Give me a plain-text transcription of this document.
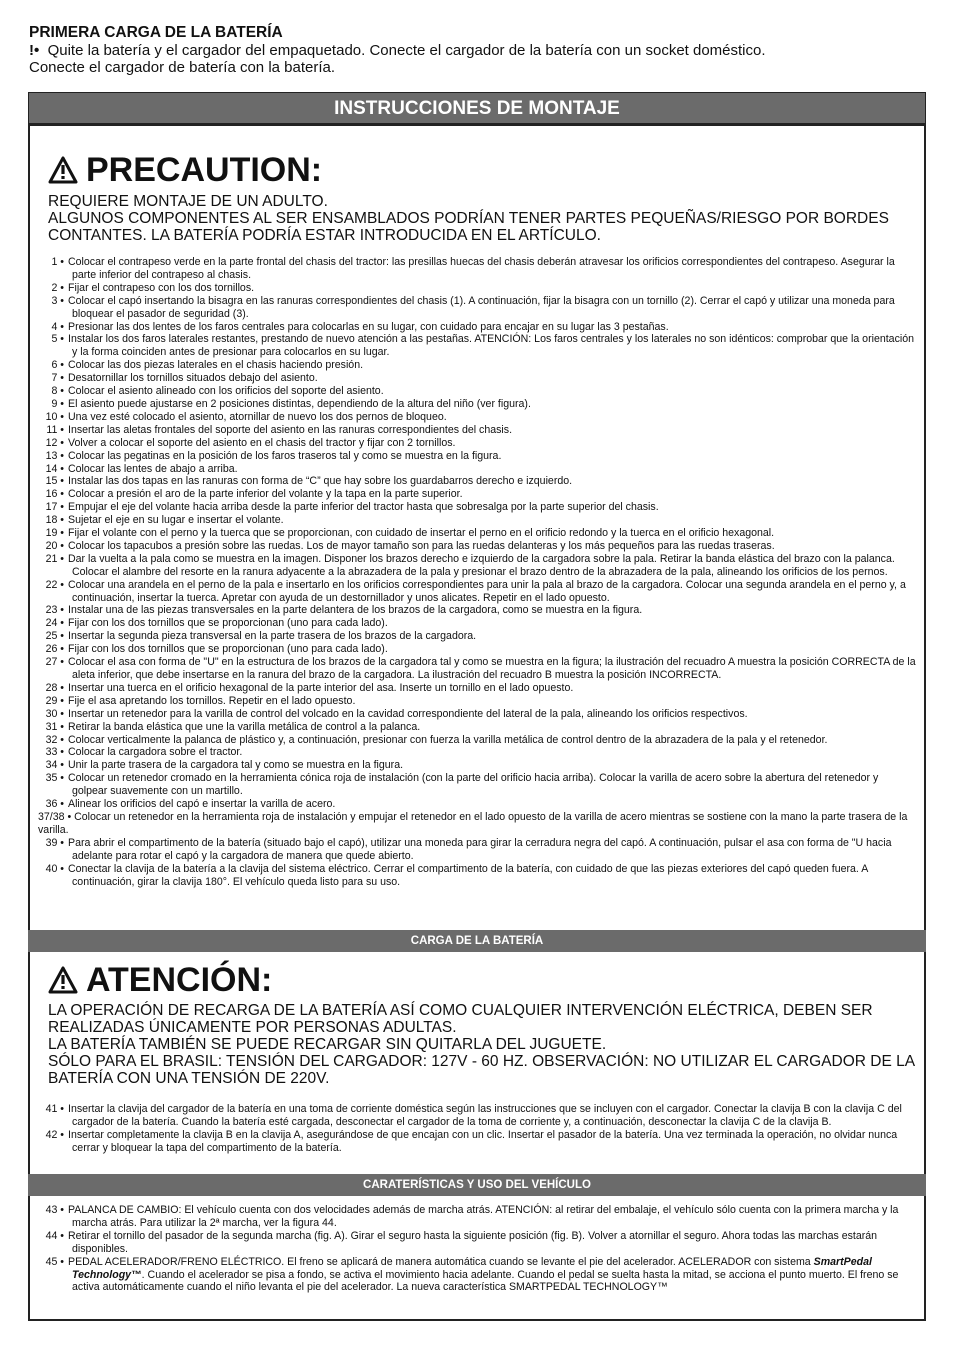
PRIMERA CARGA DE LA BATERÍA
!• Quite la batería y el cargador del empaquetado. Conecte el cargador de la batería con un socket doméstico.
Conecte el cargador de batería con la batería.
INSTRUCCIONES DE MONTAJE
PRECAUTION:
REQUIERE MONTAJE DE UN ADULTO.
ALGUNOS COMPONENTES AL SER ENSAMBLADOS PODRÍAN TENER PARTES PEQUEÑAS/RIESGO POR BORDES CONTANTES. LA BATERÍA PODRÍA ESTAR INTRODUCIDA EN EL ARTÍCULO.
1 • Colocar el contrapeso verde en la parte frontal del chasis del tractor: las presillas huecas del chasis deberán atravesar los orificios correspondientes del contrapeso. Asegurar la parte inferior del contrapeso al chasis.
2 • Fijar el contrapeso con los dos tornillos.
3 • Colocar el capó insertando la bisagra en las ranuras correspondientes del chasis (1). A continuación, fijar la bisagra con un tornillo (2). Cerrar el capó y utilizar una moneda para bloquear el pasador de seguridad (3).
4 • Presionar las dos lentes de los faros centrales para colocarlas en su lugar, con cuidado para encajar en su lugar las 3 pestañas.
5 • Instalar los dos faros laterales restantes, prestando de nuevo atención a las pestañas. ATENCIÓN: Los faros centrales y los laterales no son idénticos: comprobar que la orientación y la forma coinciden antes de presionar para colocarlos en su lugar.
6 • Colocar las dos piezas laterales en el chasis haciendo presión.
7 • Desatornillar los tornillos situados debajo del asiento.
8 • Colocar el asiento alineado con los orificios del soporte del asiento.
9 • El asiento puede ajustarse en 2 posiciones distintas, dependiendo de la altura del niño (ver figura).
10 • Una vez esté colocado el asiento, atornillar de nuevo los dos pernos de bloqueo.
11 • Insertar las aletas frontales del soporte del asiento en las ranuras correspondientes del chasis.
12 • Volver a colocar el soporte del asiento en el chasis del tractor y fijar con 2 tornillos.
13 • Colocar las pegatinas en la posición de los faros traseros tal y como se muestra en la figura.
14 • Colocar las lentes de abajo a arriba.
15 • Instalar las dos tapas en las ranuras con forma de “C” que hay sobre los guardabarros derecho e izquierdo.
16 • Colocar a presión el aro de la parte inferior del volante y la tapa en la parte superior.
17 • Empujar el eje del volante hacia arriba desde la parte inferior del tractor hasta que sobresalga por la parte superior del chasis.
18 • Sujetar el eje en su lugar e insertar el volante.
19 • Fijar el volante con el perno y la tuerca que se proporcionan, con cuidado de insertar el perno en el orificio redondo y la tuerca en el orificio hexagonal.
20 • Colocar los tapacubos a presión sobre las ruedas. Los de mayor tamaño son para las ruedas delanteras y los más pequeños para las ruedas traseras.
21 • Dar la vuelta a la pala como se muestra en la imagen. Disponer los brazos derecho e izquierdo de la cargadora sobre la pala. Retirar la banda elástica del brazo con la palanca. Colocar el alambre del resorte en la ranura adyacente a la abrazadera de la pala y presionar el brazo dentro de la abrazadera de la pala, alineando los orificios de los pernos.
22 • Colocar una arandela en el perno de la pala e insertarlo en los orificios correspondientes para unir la pala al brazo de la cargadora. Colocar una segunda arandela en el perno y, a continuación, insertar la tuerca. Apretar con ayuda de un destornillador y unos alicates. Repetir en el lado opuesto.
23 • Instalar una de las piezas transversales en la parte delantera de los brazos de la cargadora, como se muestra en la figura.
24 • Fijar con los dos tornillos que se proporcionan (uno para cada lado).
25 • Insertar la segunda pieza transversal en la parte trasera de los brazos de la cargadora.
26 • Fijar con los dos tornillos que se proporcionan (uno para cada lado).
27 • Colocar el asa con forma de "U" en la estructura de los brazos de la cargadora tal y como se muestra en la figura; la ilustración del recuadro A muestra la posición CORRECTA de la aleta inferior, que debe insertarse en la ranura del brazo de la cargadora. La ilustración del recuadro B muestra la posición INCORRECTA.
28 • Insertar una tuerca en el orificio hexagonal de la parte interior del asa. Inserte un tornillo en el lado opuesto.
29 • Fije el asa apretando los tornillos. Repetir en el lado opuesto.
30 • Insertar un retenedor para la varilla de control del volcado en la cavidad correspondiente del lateral de la pala, alineando los orificios respectivos.
31 • Retirar la banda elástica que une la varilla metálica de control a la palanca.
32 • Colocar verticalmente la palanca de plástico y, a continuación, presionar con fuerza la varilla metálica de control dentro de la abrazadera de la pala y el retenedor.
33 • Colocar la cargadora sobre el tractor.
34 • Unir la parte trasera de la cargadora tal y como se muestra en la figura.
35 • Colocar un retenedor cromado en la herramienta cónica roja de instalación (con la parte del orificio hacia arriba). Colocar la varilla de acero sobre la abertura del retenedor y golpear suavemente con un martillo.
36 • Alinear los orificios del capó e insertar la varilla de acero.
37/38 • Colocar un retenedor en la herramienta roja de instalación y empujar el retenedor en el lado opuesto de la varilla de acero mientras se sostiene con la mano la parte trasera de la varilla.
39 • Para abrir el compartimento de la batería (situado bajo el capó), utilizar una moneda para girar la cerradura negra del capó. A continuación, pulsar el asa con forma de "U hacia adelante para rotar el capó y la cargadora de manera que quede abierto.
40 • Conectar la clavija de la batería a la clavija del sistema eléctrico. Cerrar el compartimento de la batería, con cuidado de que las piezas exteriores del capó queden fuera. A continuación, girar la clavija 180°. El vehículo queda listo para su uso.
CARGA DE LA BATERÍA
ATENCIÓN:
LA OPERACIÓN DE RECARGA DE LA BATERÍA ASÍ COMO CUALQUIER INTERVENCIÓN ELÉCTRICA, DEBEN SER REALIZADAS ÚNICAMENTE POR PERSONAS ADULTAS.
LA BATERÍA TAMBIÉN SE PUEDE RECARGAR SIN QUITARLA DEL JUGUETE.
SÓLO PARA EL BRASIL: TENSIÓN DEL CARGADOR: 127V - 60 HZ. OBSERVACIÓN: NO UTILIZAR EL CARGADOR DE LA BATERÍA CON UNA TENSIÓN DE 220V.
41 • Insertar la clavija del cargador de la batería en una toma de corriente doméstica según las instrucciones que se incluyen con el cargador. Conectar la clavija B con la clavija C del cargador de la batería. Cuando la batería esté cargada, desconectar el cargador de la toma de corriente y, a continuación, desconectar la clavija C de la clavija B.
42 • Insertar completamente la clavija B en la clavija A, asegurándose de que encajan con un clic. Insertar el pasador de la batería. Una vez terminada la operación, no olvidar nunca cerrar y bloquear la tapa del compartimento de la batería.
CARATERÍSTICAS Y USO DEL VEHÍCULO
43 • PALANCA DE CAMBIO: El vehículo cuenta con dos velocidades además de marcha atrás. ATENCIÓN: al retirar del embalaje, el vehículo sólo cuenta con la primera marcha y la marcha atrás. Para utilizar la 2ª marcha, ver la figura 44.
44 • Retirar el tornillo del pasador de la segunda marcha (fig. A). Girar el seguro hasta la siguiente posición (fig. B). Volver a atornillar el seguro. Ahora todas las marchas estarán disponibles.
45 • PEDAL ACELERADOR/FRENO ELÉCTRICO. El freno se aplicará de manera automática cuando se levante el pie del acelerador. ACELERADOR con sistema SmartPedal Technology™. Cuando el acelerador se pisa a fondo, se activa el movimiento hacia adelante. Cuando el pedal se suelta hasta la mitad, se acciona el punto muerto. El freno se activa automáticamente cuando el niño levanta el pie del acelerador. La nueva característica SMARTPEDAL TECHNOLOGY™
